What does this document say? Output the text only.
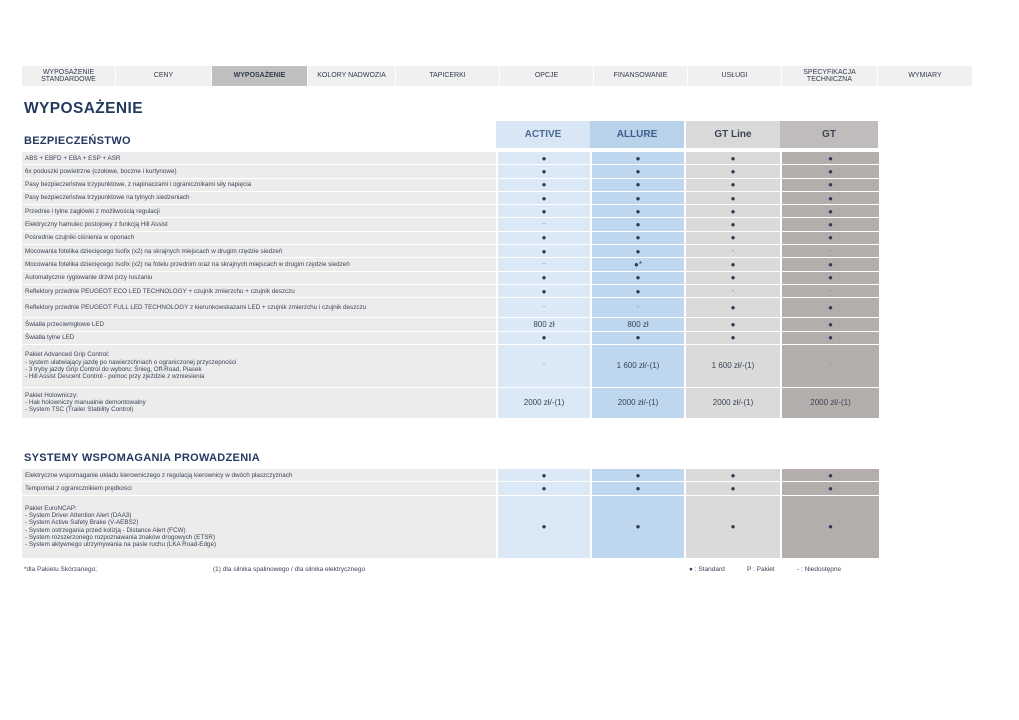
WYPOSAŻENIE
STANDARDOWE
CENY	WYPOSAŻENIE	KOLORY NADWOZIA	TAPICERKI	OPCJE	FINANSOWANIE	USŁUGI
SPECYFIKACJA
TECHNICZNA
WYMIARY
WYPOSAŻENIE
BEZPIECZEŃSTWO
ACTIVE	ALLURE	GT Line	GT
ABS + EBFD + EBA + ESP + ASR	●	●	●	●
6x poduszki powietrzne (czołowe, boczne i kurtynowe)	●	●	●	●
Pasy bezpieczeństwa trzypunktowe, z napinaczami i ogranicznikami siły napięcia	●	●	●	●
Pasy bezpieczeństwa trzypunktowe na tylnych siedzeniach	●	●	●	●
Przednie i tylne zagłówki z możliwością regulacji	●	●	●	●
Elektryczny hamulec postojowy z funkcją Hill Assist	-	●	●	●
Pośrednie czujniki ciśnienia w oponach	●	●	●	●
Mocowania fotelika dziecięcego Isofix (x2) na skrajnych miejscach w drugim rzędzie siedzeń	●	●	-	-
Mocowania fotelika dziecięcego Isofix (x2) na fotelu przednim oraz na skrajnych miejscach w drugim rzędzie siedzeń	-	●*	●	●
Automatyczne ryglowanie drzwi przy ruszaniu	●	●	●	●
Reflektory przednie PEUGEOT ECO LED TECHNOLOGY + czujnik zmierzchu + czujnik deszczu	●	●	-	-
Reflektory przednie PEUGEOT FULL LED TECHNOLOGY z kierunkowskazami LED + czujnik zmierzchu i czujnik deszczu	-	-	●	●
Światła przeciwmgłowe LED	800 zł	800 zł	●	●
Światła tylne LED	●	●	●	●
Pakiet Advanced Grip Control:
- system ułatwiający jazdę po nawierzchniach o ograniczonej przyczepności
- 3 tryby jazdy Grip Control do wyboru: Śnieg, Off-Road, Piasek
- Hill Assist Descent Control - pomoc przy zjeździe z wzniesienia
-	1 600 zł/-(1)	1 600 zł/-(1)	-
Pakiet Holowniczy:
- Hak holowniczy manualnie demontowalny
- System TSC (Trailer Stability Control)
2000 zł/-(1)	2000 zł/-(1)	2000 zł/-(1)	2000 zł/-(1)
SYSTEMY WSPOMAGANIA PROWADZENIA
Elektryczne wspomaganie układu kierowniczego z regulacją kierownicy w dwóch płaszczyznach	●	●	●	●
Tempomat z ogranicznikiem prędkości	●	●	●	●
Pakiet EuroNCAP:
- System Driver Attention Alert (DAA3)
- System Active Safety Brake (V-AEBS2)
- System ostrzegania przed kolizją - Distance Alert (FCW)
- System rozszerzonego rozpoznawania znaków drogowych (ETSR)
- System aktywnego utrzymywania na pasie ruchu (LKA Road-Edge)
●	●	●	●
*dla Pakietu Skórzanego;	(1) dla silnika spalinowego / dla silnika elektrycznego	● : Standard	P : Pakiet	- : Niedostępne
